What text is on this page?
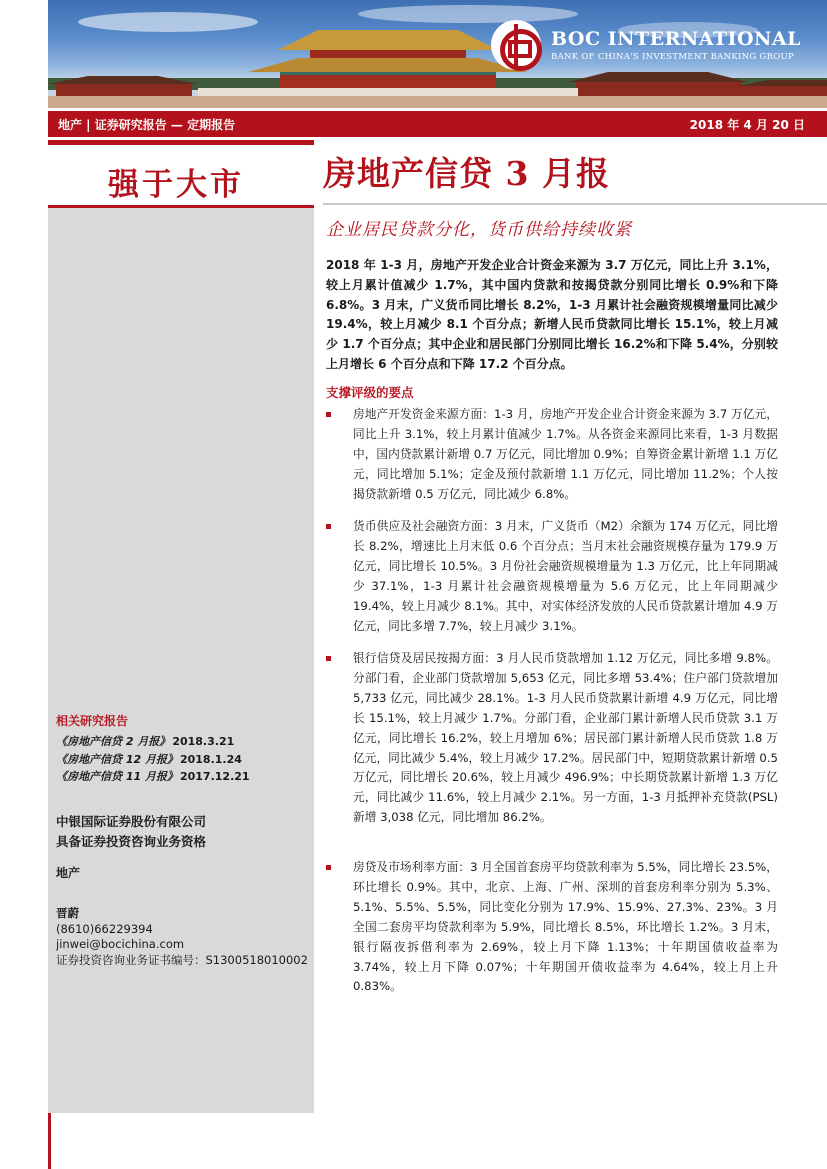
BOC INTERNATIONAL
BANK OF CHINA'S INVESTMENT BANKING GROUP
地产 | 证券研究报告 — 定期报告	2018 年 4 月 20 日
强于大市
相关研究报告
《房地产信贷 2 月报》 2018.3.21
《房地产信贷 12 月报》 2018.1.24
《房地产信贷 11 月报》 2017.12.21
中银国际证券股份有限公司
具备证券投资咨询业务资格
地产
晋蔚
(8610)66229394
jinwei@bocichina.com
证券投资咨询业务证书编号：S1300518010002
房地产信贷 3 月报
企业居民贷款分化，货币供给持续收紧
2018 年 1-3 月，房地产开发企业合计资金来源为 3.7 万亿元，同比上升 3.1%，较上月累计值减少 1.7%，其中国内贷款和按揭贷款分别同比增长 0.9%和下降 6.8%。3 月末，广义货币同比增长 8.2%，1-3 月累计社会融资规模增量同比减少 19.4%，较上月减少 8.1 个百分点；新增人民币贷款同比增长 15.1%，较上月减少 1.7 个百分点；其中企业和居民部门分别同比增长 16.2%和下降 5.4%，分别较上月增长 6 个百分点和下降 17.2 个百分点。
支撑评级的要点
房地产开发资金来源方面：1-3 月，房地产开发企业合计资金来源为 3.7 万亿元，同比上升 3.1%，较上月累计值减少 1.7%。从各资金来源同比来看，1-3 月数据中，国内贷款累计新增 0.7 万亿元，同比增加 0.9%；自筹资金累计新增 1.1 万亿元，同比增加 5.1%；定金及预付款新增 1.1 万亿元，同比增加 11.2%；个人按揭贷款新增 0.5 万亿元，同比减少 6.8%。
货币供应及社会融资方面：3 月末，广义货币（M2）余额为 174 万亿元，同比增长 8.2%，增速比上月末低 0.6 个百分点；当月末社会融资规模存量为 179.9 万亿元，同比增长 10.5%。3 月份社会融资规模增量为 1.3 万亿元，比上年同期减少 37.1%，1-3 月累计社会融资规模增量为 5.6 万亿元，比上年同期减少 19.4%，较上月减少 8.1%。其中，对实体经济发放的人民币贷款累计增加 4.9 万亿元，同比多增 7.7%，较上月减少 3.1%。
银行信贷及居民按揭方面：3 月人民币贷款增加 1.12 万亿元，同比多增 9.8%。分部门看，企业部门贷款增加 5,653 亿元，同比多增 53.4%；住户部门贷款增加 5,733 亿元，同比减少 28.1%。1-3 月人民币贷款累计新增 4.9 万亿元，同比增长 15.1%，较上月减少 1.7%。分部门看，企业部门累计新增人民币贷款 3.1 万亿元，同比增长 16.2%，较上月增加 6%；居民部门累计新增人民币贷款 1.8 万亿元，同比减少 5.4%，较上月减少 17.2%。居民部门中，短期贷款累计新增 0.5 万亿元，同比增长 20.6%，较上月减少 496.9%；中长期贷款累计新增 1.3 万亿元，同比减少 11.6%，较上月减少 2.1%。另一方面，1-3 月抵押补充贷款(PSL)新增 3,038 亿元，同比增加 86.2%。
房贷及市场利率方面：3 月全国首套房平均贷款利率为 5.5%，同比增长 23.5%，环比增长 0.9%。其中，北京、上海、广州、深圳的首套房利率分别为 5.3%、5.1%、5.5%、5.5%，同比变化分别为 17.9%、15.9%、27.3%、23%。3 月全国二套房平均贷款利率为 5.9%，同比增长 8.5%，环比增长 1.2%。3 月末，银行隔夜拆借利率为 2.69%，较上月下降 1.13%；十年期国债收益率为 3.74%，较上月下降 0.07%；十年期国开债收益率为 4.64%，较上月上升 0.83%。
